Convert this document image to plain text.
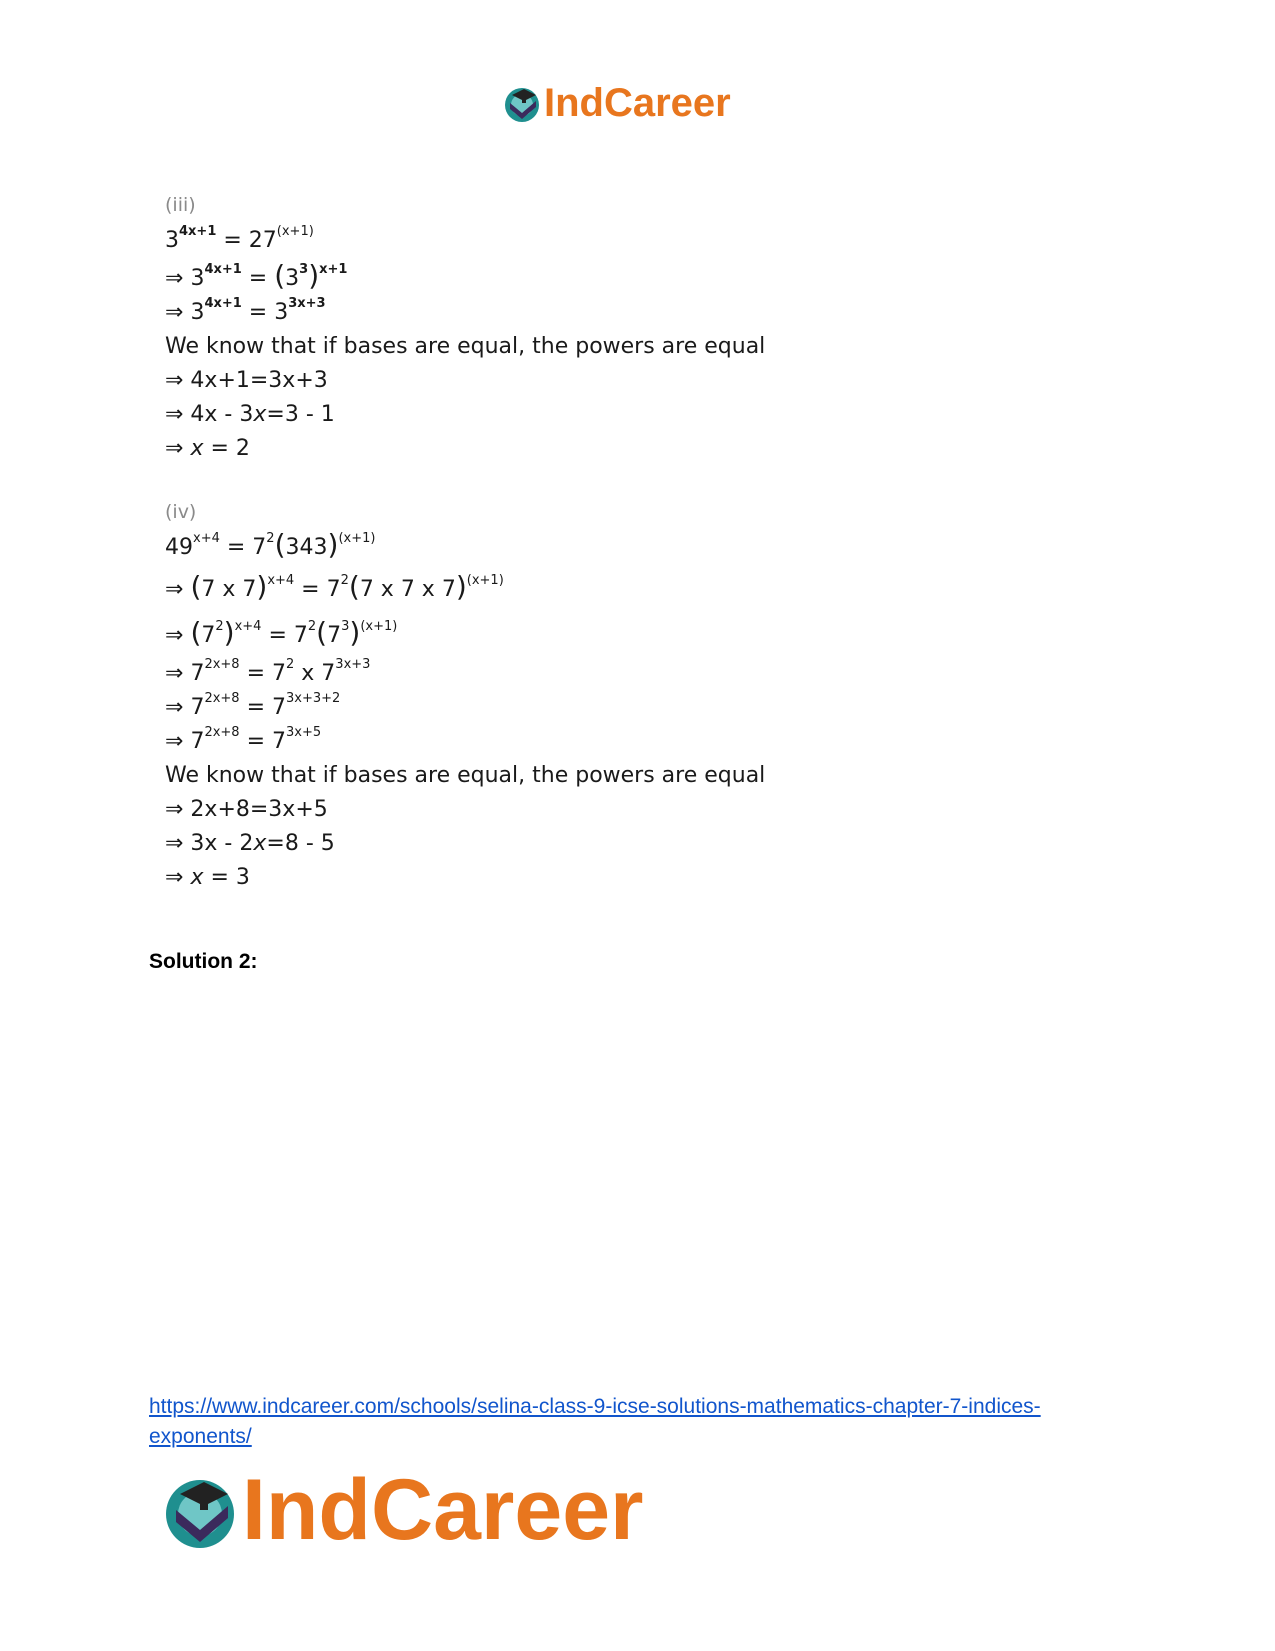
IndCareer
(iii)
$3^{4x+1} = 27^{(x+1)}$
⇒ $3^{4x+1} = (3^3)^{x+1}$
⇒ $3^{4x+1} = 3^{3x+3}$
We know that if bases are equal, the powers are equal
⇒ 4x+1=3x+3
⇒ 4x - 3x=3 - 1
⇒ x = 2
(iv)
$49^{x+4} = 7^2(343)^{(x+1)}$
⇒ (7 x $7)^{x+4} = 7^2(7$ x 7 x 7)$^{(x+1)}$
⇒ $(7^2)^{x+4} = 7^2(7^3)^{(x+1)}$
⇒ $7^{2x+8} = 7^2$ x $7^{3x+3}$
⇒ $7^{2x+8} = 7^{3x+3+2}$
⇒ $7^{2x+8} = 7^{3x+5}$
We know that if bases are equal, the powers are equal
⇒ 2x+8=3x+5
⇒ 3x - 2x=8 - 5
⇒ x = 3
Solution 2:
https://www.indcareer.com/schools/selina-class-9-icse-solutions-mathematics-chapter-7-indices-exponents/
IndCareer
